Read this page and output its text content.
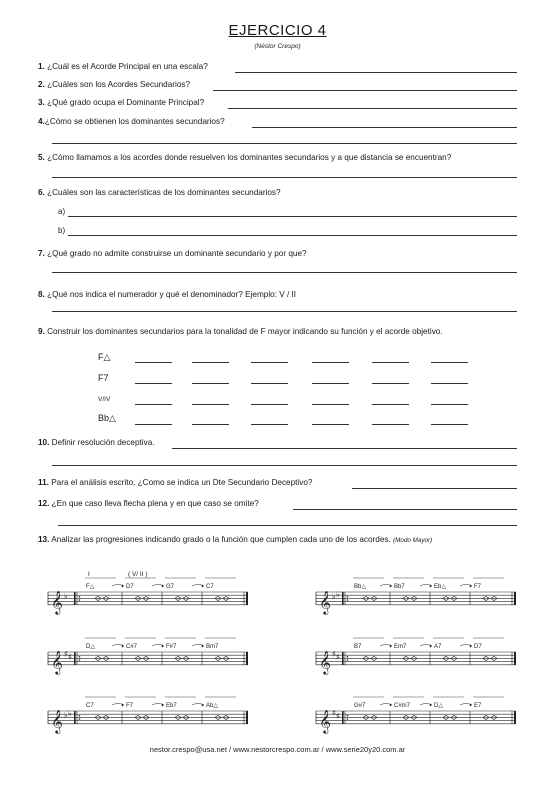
EJERCICIO 4
(Néstor Crespo)
1. ¿Cuál es el Acorde Principal en una escala?
2. ¿Cuáles son los Acordes Secundarios?
3. ¿Qué grado ocupa el Dominante Principal?
4.¿Cómo se obtienen los dominantes secundarios?
5. ¿Cómo llamamos a los acordes donde resuelven los dominantes secundarios y a que distancia se encuentran?
6. ¿Cuáles son las características de los dominantes secundarios?
a)
b)
7. ¿Qué grado no admite construirse un dominante secundario y por que?
8. ¿Qué nos indica el numerador y qué el denominador? Ejemplo: V / II
9. Construir los dominantes secundarios para la tonalidad de F mayor indicando su función y el acorde objetivo.
F△
F7
V/IV
Bb△
10. Definir resolución deceptiva.
11. Para el análisis escrito, ¿Como se indica un Dte Secundario Deceptivo?
12. ¿En que caso lleva flecha plena y en que caso se omite?
13. Analizar las progresiones indicando grado o la función que cumplen cada uno de los acordes. (Modo Mayor)
𝄞 ♭
F△	D7	G7	C7
I	( V/ II )
𝄞 ♭ ♭
Bb△	Bb7	Eb△	F7
𝄞 ♯ ♯
D△	C#7	F#7	Bm7
𝄞 ♯ ♯
B7	Em7	A7	D7
𝄞 ♭ ♭
C7	F7	Eb7	Ab△
𝄞 ♯ ♯
G#7	C#m7	D△	E7
nestor.crespo@usa.net / www.nestorcrespo.com.ar / www.serie20y20.com.ar
